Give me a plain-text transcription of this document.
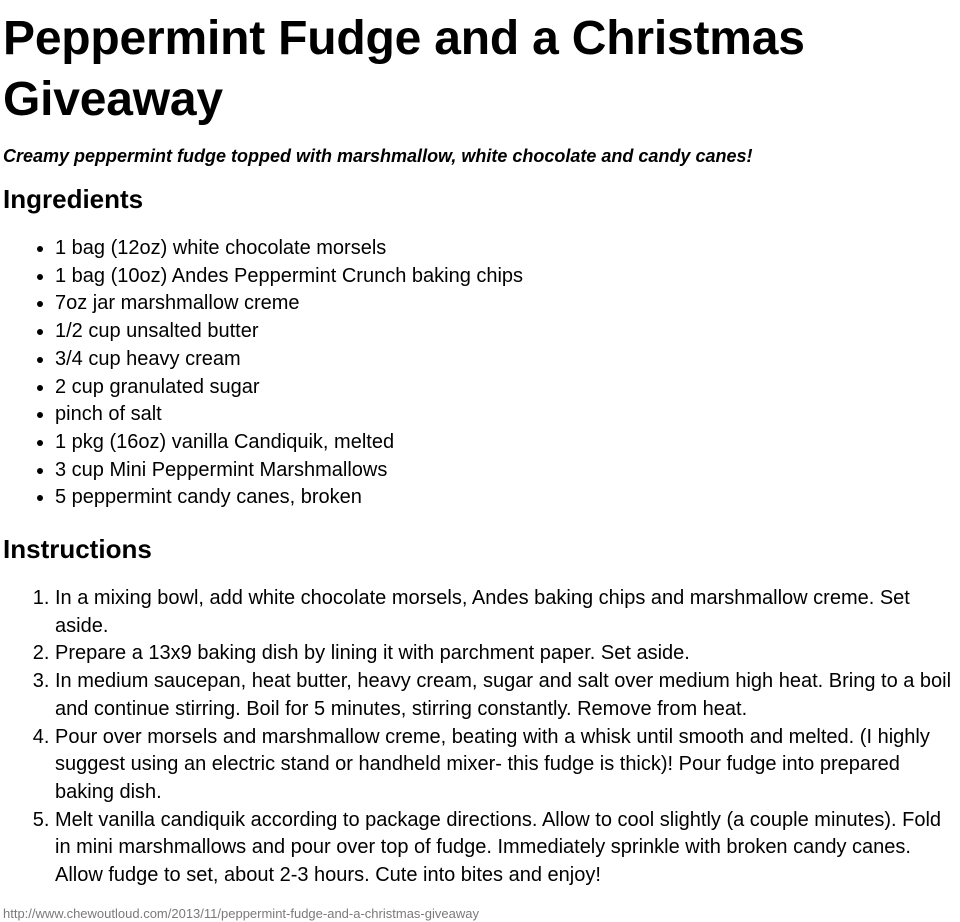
Peppermint Fudge and a Christmas Giveaway

Creamy peppermint fudge topped with marshmallow, white chocolate and candy canes!

Ingredients
• 1 bag (12oz) white chocolate morsels
• 1 bag (10oz) Andes Peppermint Crunch baking chips
• 7oz jar marshmallow creme
• 1/2 cup unsalted butter
• 3/4 cup heavy cream
• 2 cup granulated sugar
• pinch of salt
• 1 pkg (16oz) vanilla Candiquik, melted
• 3 cup Mini Peppermint Marshmallows
• 5 peppermint candy canes, broken
Instructions
1. In a mixing bowl, add white chocolate morsels, Andes baking chips and marshmallow creme. Set aside.
2. Prepare a 13x9 baking dish by lining it with parchment paper. Set aside.
3. In medium saucepan, heat butter, heavy cream, sugar and salt over medium high heat. Bring to a boil and continue stirring. Boil for 5 minutes, stirring constantly. Remove from heat.
4. Pour over morsels and marshmallow creme, beating with a whisk until smooth and melted. (I highly suggest using an electric stand or handheld mixer- this fudge is thick)! Pour fudge into prepared baking dish.
5. Melt vanilla candiquik according to package directions. Allow to cool slightly (a couple minutes). Fold in mini marshmallows and pour over top of fudge. Immediately sprinkle with broken candy canes. Allow fudge to set, about 2-3 hours. Cute into bites and enjoy!
http://www.chewoutloud.com/2013/11/peppermint-fudge-and-a-christmas-giveaway
